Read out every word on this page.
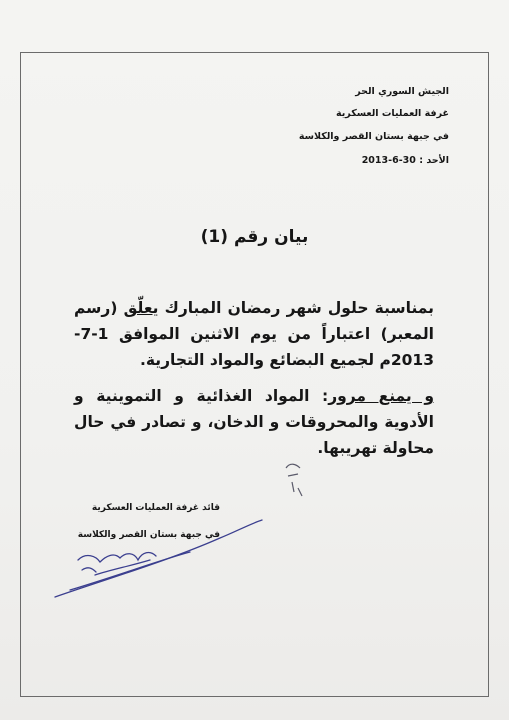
الجيش السوري الحر
غرفة العمليات العسكرية
في جبهة بستان القصر والكلاسة
الأحد : 30-6-2013
بيان رقم (1)
بمناسبة حلول شهر رمضان المبارك يعلّق (رسم المعبر) اعتباراً من يوم الاثنين الموافق 1-7-2013م لجميع البضائع والمواد التجارية.
و يمنع مرور: المواد الغذائية و التموينية و الأدوية والمحروقات و الدخان، و تصادر في حال محاولة تهريبها.
قائد غرفة العمليات العسكرية
في جبهة بستان القصر والكلاسة
